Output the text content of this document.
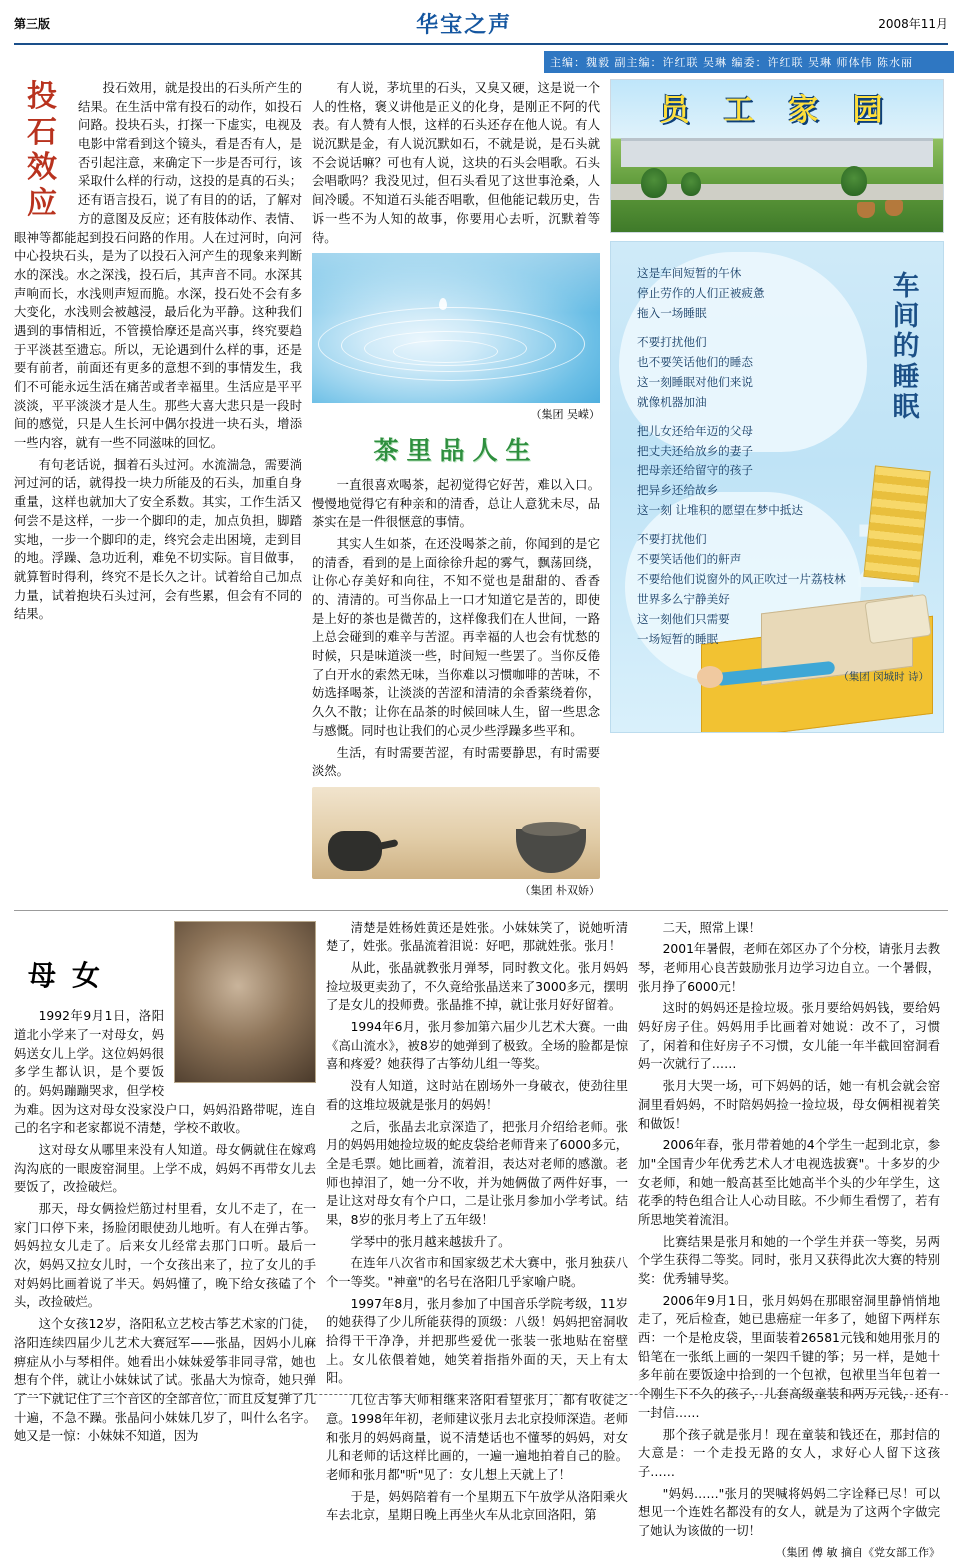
第三版	华宝之声	2008年11月
主编：魏毅 副主编：许红联 吴琳 编委：许红联 吴琳 师体伟 陈水丽
投
石
效
应

投石效用，就是投出的石头所产生的结果。在生活中常有投石的动作，如投石问路。投块石头，打探一下虚实，电视及电影中常看到这个镜头，看是否有人，是否引起注意，来确定下一步是否可行，该采取什么样的行动，这投的是真的石头；还有语言投石，说了有目的的话，了解对方的意图及反应；还有肢体动作、表情、眼神等都能起到投石问路的作用。人在过河时，向河中心投块石头，是为了以投石入河产生的现象来判断水的深浅。水之深浅，投石后，其声音不同。水深其声响而长，水浅则声短而脆。水深，投石处不会有多大变化，水浅则会被越浸，最后化为平静。这种我们遇到的事情相近，不管摸恰摩还是高兴事，终究要趋于平淡甚至遗忘。所以，无论遇到什么样的事，还是要有前者，前面还有更多的意想不到的事情发生，我们不可能永远生活在痛苦或者幸福里。生活应是平平淡淡，平平淡淡才是人生。那些大喜大悲只是一段时间的感觉，只是人生长河中偶尔投进一块石头，增添一些内容，就有一些不同滋味的回忆。

有句老话说，掴着石头过河。水流湍急，需要淌河过河的话，就得投一块力所能及的石头，加重自身重量，这样也就加大了安全系数。其实，工作生活又何尝不是这样，一步一个脚印的走，加点负担，脚踏实地，一步一个脚印的走，终究会走出困境，走到目的地。浮躁、急功近利，难免不切实际。盲目做事，就算暂时得利，终究不是长久之计。试着给自己加点力量，试着抱块石头过河，会有些累，但会有不同的结果。

有人说，茅坑里的石头，又臭又硬，这是说一个人的性格，褒义讲他是正义的化身，是刚正不阿的代表。有人赞有人恨，这样的石头还存在他人说。有人说沉默是金，有人说沉默如石，不就是说，是石头就不会说话嘛？可也有人说，这块的石头会唱歌。石头会唱歌吗？我没见过，但石头看见了这世事沧桑，人间冷暖。不知道石头能否唱歌，但他能记载历史，告诉一些不为人知的故事，你要用心去听，沉默着等待。

（集团 吴嵘）
茶里品人生

一直很喜欢喝茶，起初觉得它好苦，难以入口。慢慢地觉得它有种亲和的清香，总让人意犹未尽，品茶实在是一件很惬意的事情。

其实人生如茶，在还没喝茶之前，你闻到的是它的清香，看到的是上面徐徐升起的雾气，飘荡回绕，让你心存美好和向往，不知不觉也是甜甜的、香香的、清清的。可当你品上一口才知道它是苦的，即使是上好的茶也是微苦的，这样像我们在人世间，一路上总会碰到的难辛与苦涩。再幸福的人也会有忧愁的时候，只是味道淡一些，时间短一些罢了。当你反倦了白开水的索然无味，当你难以习惯咖啡的苦味，不妨选择喝茶，让淡淡的苦涩和清清的余香萦绕着你，久久不散；让你在品茶的时候回味人生，留一些思念与感慨。同时也让我们的心灵少些浮躁多些平和。

生活，有时需要苦涩，有时需要静思，有时需要淡然。

（集团 朴双娇）
员 工 家 园
车间的睡眠
这是车间短暂的午休
停止劳作的人们正被疲惫
拖入一场睡眠
不要打扰他们
也不要笑话他们的睡态
这一刻睡眠对他们来说
就像机器加油
把儿女还给年迈的父母
把丈夫还给放乡的妻子
把母亲还给留守的孩子
把异乡还给故乡
这一刻 让堆积的愿望在梦中抵达
不要打扰他们
不要笑话他们的鼾声
不要给他们说窗外的风正吹过一片荔枝林
世界多么宁静美好
这一刻他们只需要
一场短暂的睡眠
（集团 闵城时 诗）
母女

1992年9月1日，洛阳道北小学来了一对母女，妈妈送女儿上学。这位妈妈很多学生都认识，是个要饭的。妈妈蹦蹦哭求，但学校为难。因为这对母女没家没户口，妈妈沿路带呢，连自己的名字和老家都说不清楚，学校不敢收。

这对母女从哪里来没有人知道。母女俩就住在嫁鸡沟沟底的一眼废窑洞里。上学不成，妈妈不再带女儿去要饭了，改捡破烂。

那天，母女俩捡烂筋过村里看，女儿不走了，在一家门口停下来，扬脸闭眼使劲儿地听。有人在弹古筝。妈妈拉女儿走了。后来女儿经常去那门口听。最后一次，妈妈又拉女儿时，一个女孩出来了，拉了女儿的手对妈妈比画着说了半天。妈妈懂了，晚下给女孩磕了个头，改捡破烂。

这个女孩12岁，洛阳私立艺校古筝艺术家的门徒，洛阳连续四届少儿艺术大赛冠军——张晶，因妈小儿麻痹症从小与琴相伴。她看出小妹妹爱筝非同寻常，她也想有个伴，就让小妹妹试了试。张晶大为惊奇，她只弹了一下就记住了三个音区的全部音位，而且反复弹了几十遍，不急不躁。张晶问小妹妹几岁了，叫什么名字。她又是一惊：小妹妹不知道，因为

清楚是姓杨姓黄还是姓张。小妹妹笑了，说她听清楚了，姓张。张晶流着泪说：好吧，那就姓张。张月！

从此，张晶就教张月弹琴，同时教文化。张月妈妈捡垃圾更卖劲了，不久竟给张晶送来了3000多元，摆明了是女儿的投师费。张晶推不掉，就让张月好好留着。

1994年6月，张月参加第六届少儿艺术大赛。一曲《高山流水》，被8岁的她弹到了极致。全场的脸都是惊喜和疼爱？她获得了古筝幼儿组一等奖。

没有人知道，这时站在剧场外一身破衣，使劲往里看的这堆垃圾就是张月的妈妈！

之后，张晶去北京深造了，把张月介绍给老师。张月的妈妈用她捡垃圾的蛇皮袋给老师背来了6000多元，全是毛票。她比画着，流着泪，表达对老师的感激。老师也掉泪了，她一分不收，并为她俩做了两件好事，一是让这对母女有个户口，二是让张月参加小学考试。结果，8岁的张月考上了五年级！

学琴中的张月越来越拔升了。

在连年八次省市和国家级艺术大赛中，张月独获八个一等奖。"神童"的名号在洛阳几乎家喻户晓。

1997年8月，张月参加了中国音乐学院考级，11岁的她获得了少儿所能获得的顶级：八级！妈妈把窑洞收拾得干干净净，并把那些爱优一张装一张地贴在窑壁上。女儿依偎着她，她笑着指指外面的天，天上有太阳。

几位古筝大师相继来洛阳看望张月，都有收徒之意。1998年年初，老师建议张月去北京投师深造。老师和张月的妈妈商量，说不清楚话也不懂琴的妈妈，对女儿和老师的话这样比画的，一遍一遍地拍着自己的脸。老师和张月都"听"见了：女儿想上天就上了！

于是，妈妈陪着有一个星期五下午放学从洛阳乘火车去北京，星期日晚上再坐火车从北京回洛阳，第

二天，照常上课！

2001年暑假，老师在郊区办了个分校，请张月去教琴，老师用心良苦鼓励张月边学习边自立。一个暑假，张月挣了6000元！

这时的妈妈还是捡垃圾。张月要给妈妈钱，要给妈妈好房子住。妈妈用手比画着对她说：改不了，习惯了，闲着和住好房子不习惯，女儿能一年半截回窑洞看妈一次就行了……

张月大哭一场，可下妈妈的话，她一有机会就会窑洞里看妈妈，不时陪妈妈捡一捡垃圾，母女俩相视着笑和做饭！

2006年春，张月带着她的4个学生一起到北京，参加"全国青少年优秀艺术人才电视选拔赛"。十多岁的少女老师，和她一般高甚至比她高半个头的少年学生，这花季的特色组合让人心动目眩。不少师生看愣了，若有所思地笑着流泪。

比赛结果是张月和她的一个学生并获一等奖，另两个学生获得二等奖。同时，张月又获得此次大赛的特别奖：优秀辅导奖。

2006年9月1日，张月妈妈在那眼窑洞里静悄悄地走了，死后检查，她已患癌症一年多了，她留下两样东西：一个是枪皮袋，里面装着26581元钱和她用张月的铅笔在一张纸上画的一架四千键的筝；另一样，是她十多年前在要饭途中拾到的一个包袱，包袱里当年包着一个刚生下不久的孩子，儿套高级童装和两万元钱，还有一封信……

那个孩子就是张月！现在童装和钱还在，那封信的大意是：一个走投无路的女人，求好心人留下这孩子……

"妈妈……"张月的哭喊将妈妈二字诠释已尽！可以想见一个连姓名都没有的女人，就是为了这两个字做完了她认为该做的一切！

（集团 傅 敏 摘自《党女部工作》
